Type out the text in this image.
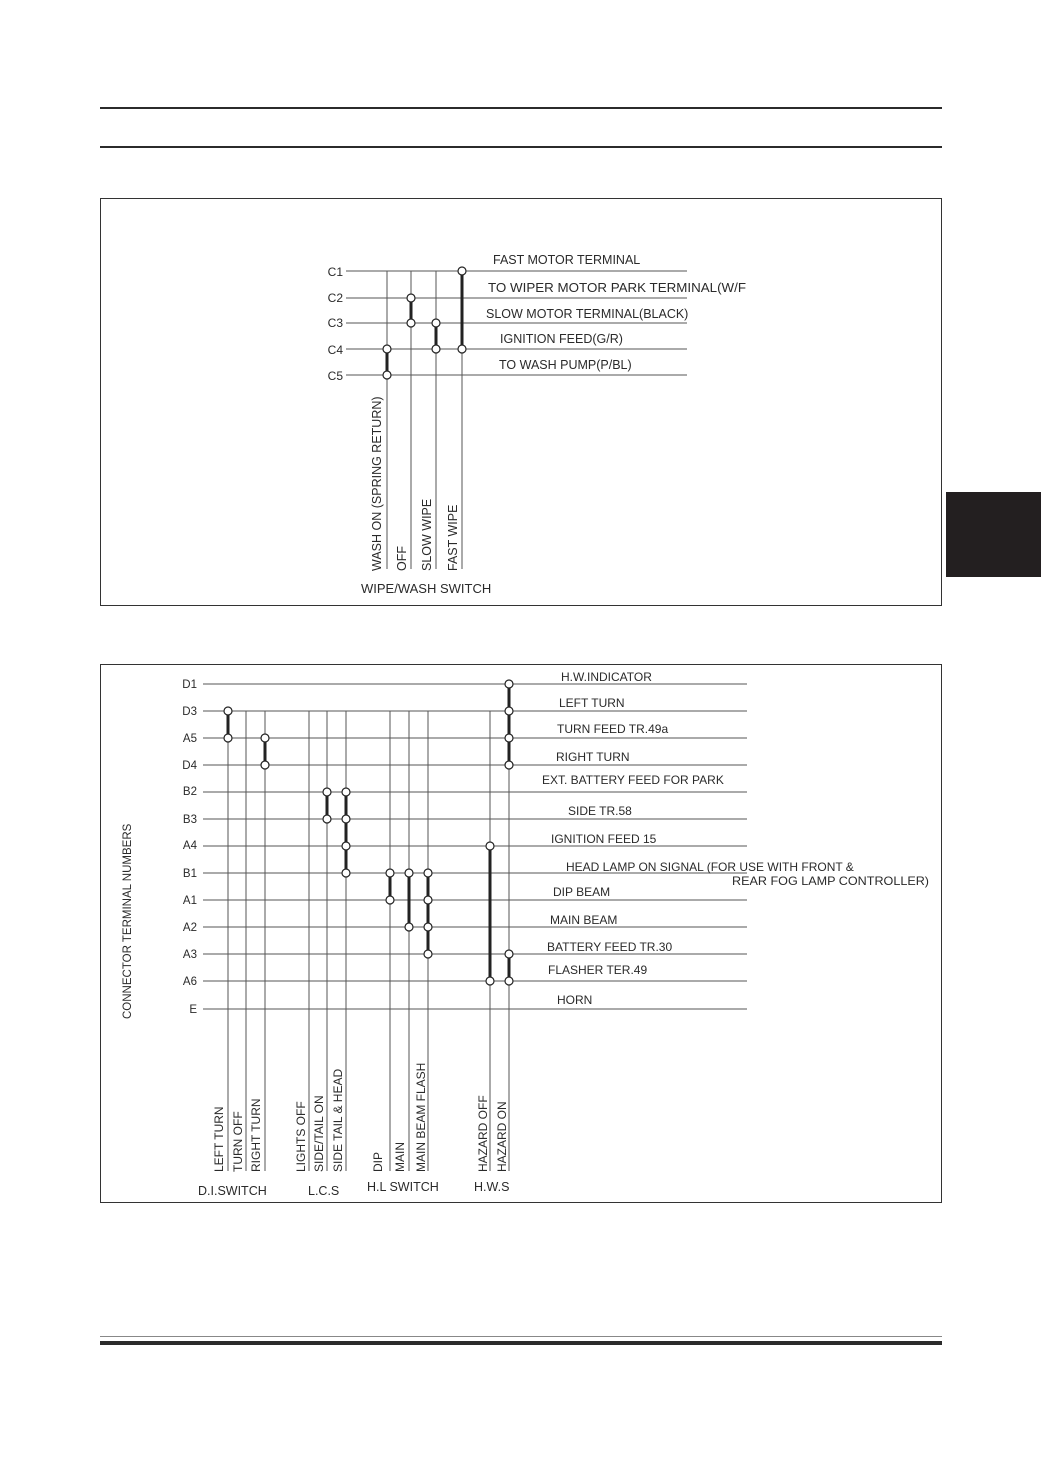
C1
C2
C3
C4
C5
FAST MOTOR TERMINAL
TO WIPER MOTOR PARK TERMINAL(W/F
SLOW MOTOR TERMINAL(BLACK)
IGNITION FEED(G/R)
TO WASH PUMP(P/BL)
WASH ON (SPRING RETURN) OFF SLOW WIPE FAST WIPE
WIPE/WASH SWITCH
D1
D3
A5
D4
B2
B3
A4
B1
A1
A2
A3
A6
E
CONNECTOR TERMINAL NUMBERS
H.W.INDICATOR
LEFT TURN
TURN FEED TR.49a
RIGHT TURN
EXT. BATTERY FEED FOR PARK
SIDE TR.58
IGNITION FEED 15
HEAD LAMP ON SIGNAL (FOR USE WITH FRONT &
REAR FOG LAMP CONTROLLER)
DIP BEAM
MAIN BEAM
BATTERY FEED TR.30
FLASHER TER.49
HORN
LEFT TURN TURN OFF RIGHT TURN	LIGHTS OFF SIDE/TAIL ON SIDE TAIL & HEAD DIP MAIN MAIN BEAM FLASH	HAZARD OFF HAZARD ON
D.I.SWITCH	L.C.S H.L SWITCH	H.W.S
